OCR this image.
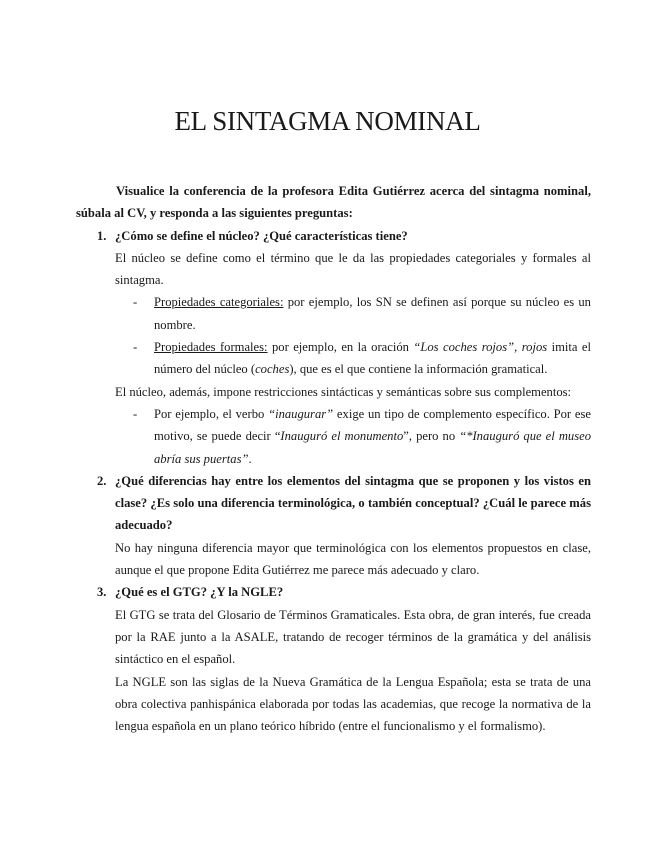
EL SINTAGMA NOMINAL

Visualice la conferencia de la profesora Edita Gutiérrez acerca del sintagma nominal, súbala al CV, y responda a las siguientes preguntas:

1. ¿Cómo se define el núcleo? ¿Qué características tiene?

El núcleo se define como el término que le da las propiedades categoriales y formales al sintagma.

- Propiedades categoriales: por ejemplo, los SN se definen así porque su núcleo es un nombre.
- Propiedades formales: por ejemplo, en la oración “Los coches rojos”, rojos imita el número del núcleo (coches), que es el que contiene la información gramatical.

El núcleo, además, impone restricciones sintácticas y semánticas sobre sus complementos:

- Por ejemplo, el verbo “inaugurar” exige un tipo de complemento específico. Por ese motivo, se puede decir “Inauguró el monumento”, pero no “*Inauguró que el museo abría sus puertas”.
2. ¿Qué diferencias hay entre los elementos del sintagma que se proponen y los vistos en clase? ¿Es solo una diferencia terminológica, o también conceptual? ¿Cuál le parece más adecuado?

No hay ninguna diferencia mayor que terminológica con los elementos propuestos en clase, aunque el que propone Edita Gutiérrez me parece más adecuado y claro.

3. ¿Qué es el GTG? ¿Y la NGLE?

El GTG se trata del Glosario de Términos Gramaticales. Esta obra, de gran interés, fue creada por la RAE junto a la ASALE, tratando de recoger términos de la gramática y del análisis sintáctico en el español.

La NGLE son las siglas de la Nueva Gramática de la Lengua Española; esta se trata de una obra colectiva panhispánica elaborada por todas las academias, que recoge la normativa de la lengua española en un plano teórico híbrido (entre el funcionalismo y el formalismo).
